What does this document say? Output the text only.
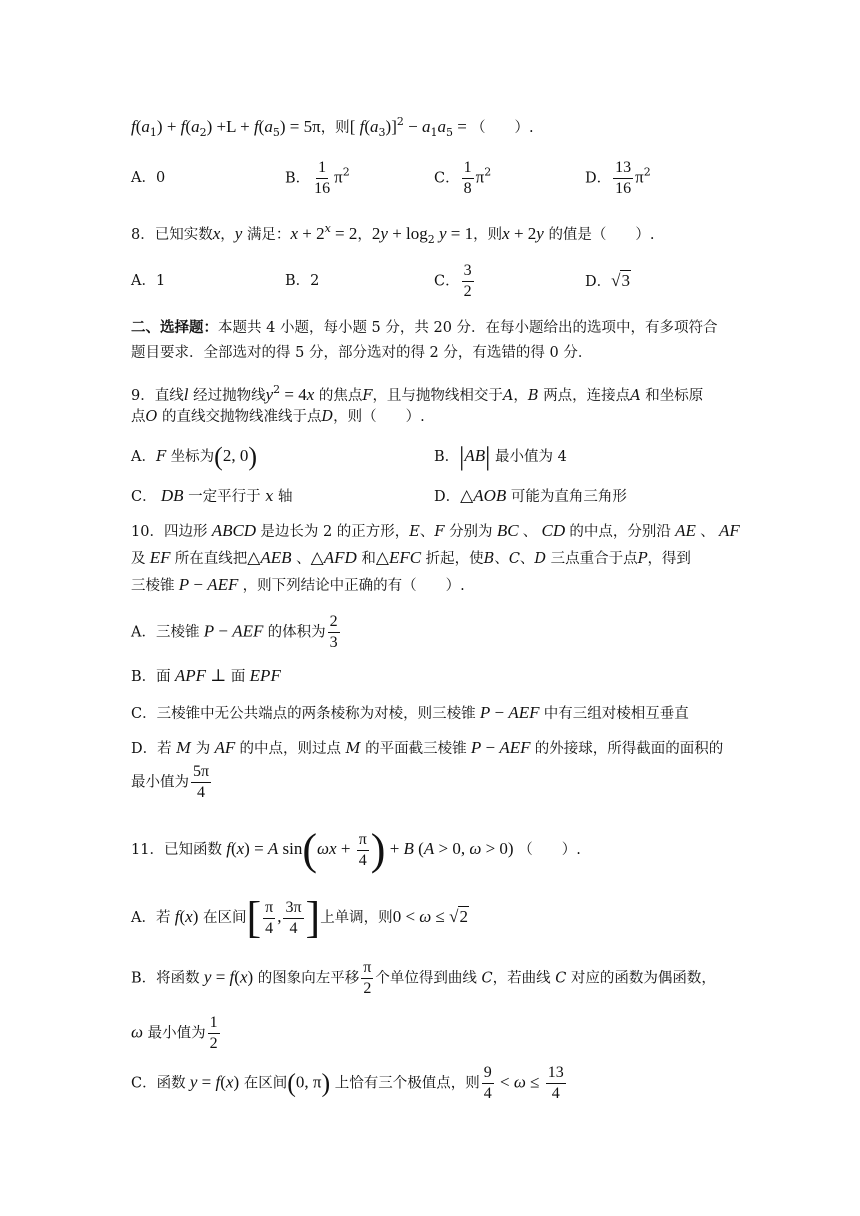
$f(a_1) + f(a_2) +L + f(a_5) = 5\pi$，则[ $f(a_3)]^2 - a_1a_5$ = （　　）.
A．0	B． $\frac{1}{16} \pi^2$	C． $\frac{1}{8} \pi^2$	D． $\frac{13}{16} \pi^2$
8．已知实数x，y 满足：$x + 2^x = 2$，$2y + \log_2 y = 1$，则x + 2y 的值是（　　）.
A．1	B．2	C． $\frac{3}{2}$	D．√3
二、选择题：本题共 4 小题，每小题 5 分，共 20 分．在每小题给出的选项中，有多项符合
题目要求．全部选对的得 5 分，部分选对的得 2 分，有选错的得 0 分．
9．直线l 经过抛物线$y^2 = 4x$ 的焦点F，且与抛物线相交于A，B 两点，连接点A 和坐标原
点O 的直线交抛物线准线于点D，则（　　）.
A．F 坐标为(2, 0)	B．|AB| 最小值为 4
C． DB 一定平行于 x 轴	D．△AOB 可能为直角三角形
10．四边形 ABCD 是边长为 2 的正方形，E、F 分别为 BC 、 CD 的中点，分别沿 AE 、 AF
及 EF 所在直线把△AEB 、△AFD 和△EFC 折起，使B、C、D 三点重合于点P，得到
三棱锥 P − AEF ，则下列结论中正确的有（　　）.
A．三棱锥 P − AEF 的体积为 $\frac{2}{3}$
B．面 APF ⊥ 面 EPF
C．三棱锥中无公共端点的两条棱称为对棱，则三棱锥 P − AEF 中有三组对棱相互垂直
D．若 M 为 AF 的中点，则过点 M 的平面截三棱锥 P − AEF 的外接球，所得截面的面积的
最小值为 $\frac{5\pi}{4}$
11．已知函数 f(x) = A $\sin(\omega x + \frac{\pi}{4}$ ) + B (A > 0, ω > 0) （　　）.
A．若 f(x) 在区间[ $\frac{\pi}{4}$ , $\frac{3\pi}{4}$ ]上单调，则0 < ω ≤ √2
B．将函数 y = f(x) 的图象向左平移 $\frac{\pi}{2}$ 个单位得到曲线 C，若曲线 C 对应的函数为偶函数，
ω 最小值为 $\frac{1}{2}$
C．函数 y = f(x) 在区间(0, π) 上恰有三个极值点，则 $\frac{9}{4} < \omega \le \frac{13}{4}$
